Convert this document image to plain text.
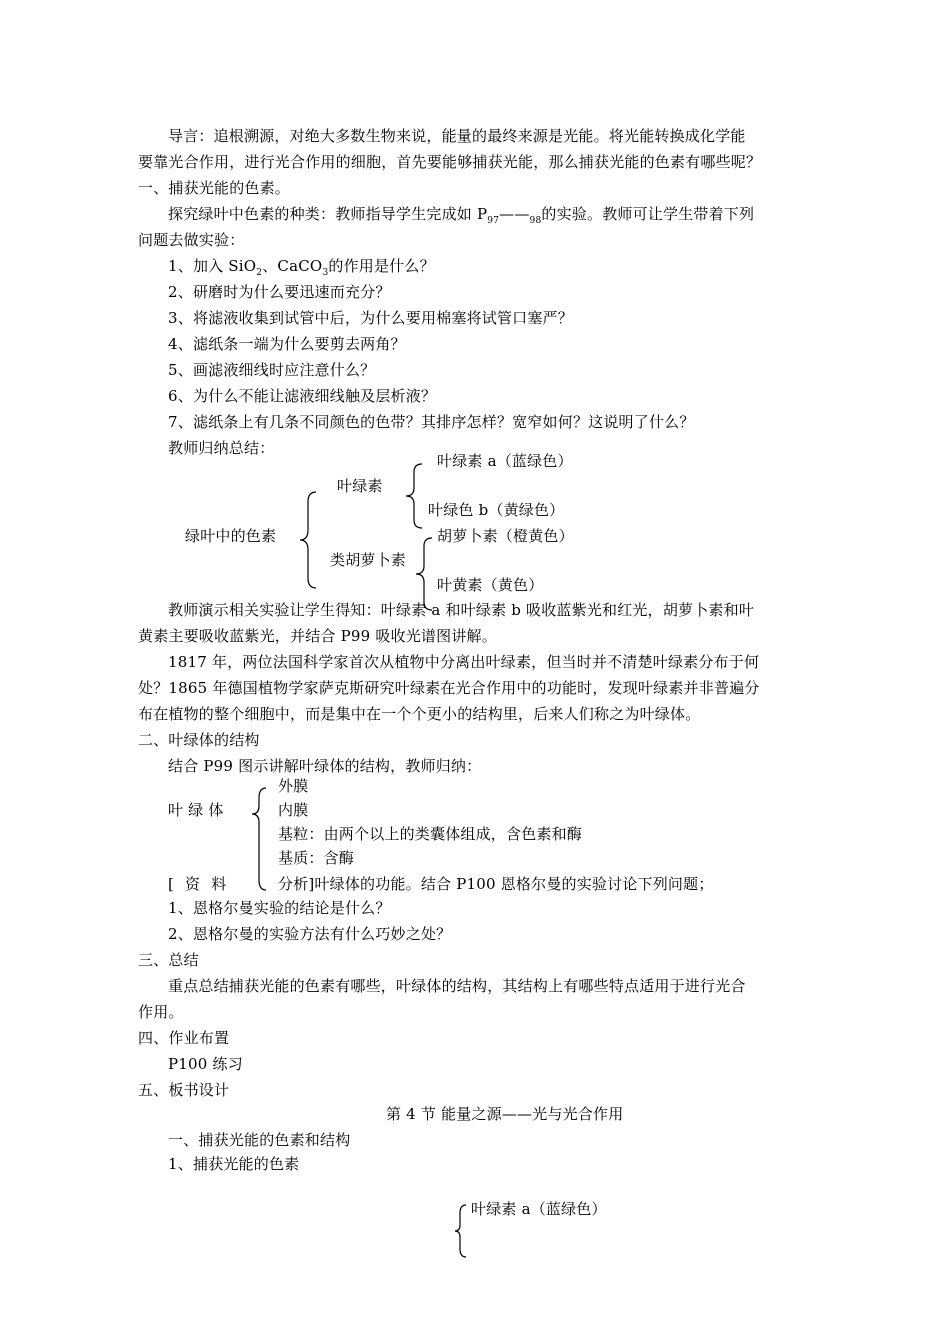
导言：追根溯源，对绝大多数生物来说，能量的最终来源是光能。将光能转换成化学能
要靠光合作用，进行光合作用的细胞，首先要能够捕获光能，那么捕获光能的色素有哪些呢？
一、捕获光能的色素。
探究绿叶中色素的种类：教师指导学生完成如 $P_{97}——_{98}$的实验。教师可让学生带着下列
问题去做实验：
1、加入 SiO$_2$、CaCO$_3$的作用是什么？
2、研磨时为什么要迅速而充分？
3、将滤液收集到试管中后，为什么要用棉塞将试管口塞严？
4、滤纸条一端为什么要剪去两角？
5、画滤液细线时应注意什么？
6、为什么不能让滤液细线触及层析液？
7、滤纸条上有几条不同颜色的色带？其排序怎样？宽窄如何？这说明了什么？
教师归纳总结：
绿叶中的色素
叶绿素
叶绿素 a（蓝绿色）
叶绿色 b（黄绿色）
类胡萝卜素
胡萝卜素（橙黄色）
叶黄素（黄色）
教师演示相关实验让学生得知：叶绿素 a 和叶绿素 b 吸收蓝紫光和红光，胡萝卜素和叶
黄素主要吸收蓝紫光，并结合 P99 吸收光谱图讲解。
1817 年，两位法国科学家首次从植物中分离出叶绿素，但当时并不清楚叶绿素分布于何
处？1865 年德国植物学家萨克斯研究叶绿素在光合作用中的功能时，发现叶绿素并非普遍分
布在植物的整个细胞中，而是集中在一个个更小的结构里，后来人们称之为叶绿体。
二、叶绿体的结构
结合 P99 图示讲解叶绿体的结构，教师归纳：
叶 绿 体
外膜
内膜
基粒：由两个以上的类囊体组成，含色素和酶
基质：含酶
[ 资 料	分析]叶绿体的功能。结合 P100 恩格尔曼的实验讨论下列问题；
1、恩格尔曼实验的结论是什么？
2、恩格尔曼的实验方法有什么巧妙之处？
三、总结
重点总结捕获光能的色素有哪些，叶绿体的结构，其结构上有哪些特点适用于进行光合
作用。
四、作业布置
P100 练习
五、板书设计
第 4 节 能量之源——光与光合作用
一、捕获光能的色素和结构
1、捕获光能的色素
叶绿素 a（蓝绿色）
